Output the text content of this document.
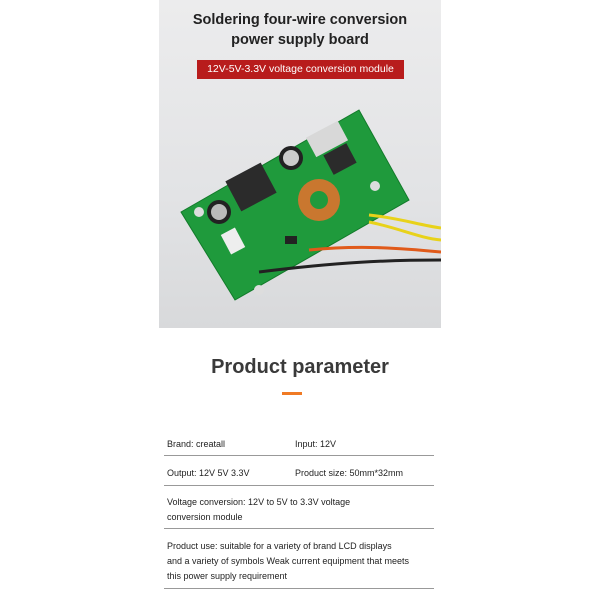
Soldering four-wire conversion
power supply board
12V-5V-3.3V voltage conversion module
Product parameter
Brand: creatall	Input: 12V
Output: 12V 5V 3.3V	Product size: 50mm*32mm
Voltage conversion: 12V to 5V to 3.3V voltage
conversion module
Product use: suitable for a variety of brand LCD displays
and a variety of symbols Weak current equipment that meets
this power supply requirement
